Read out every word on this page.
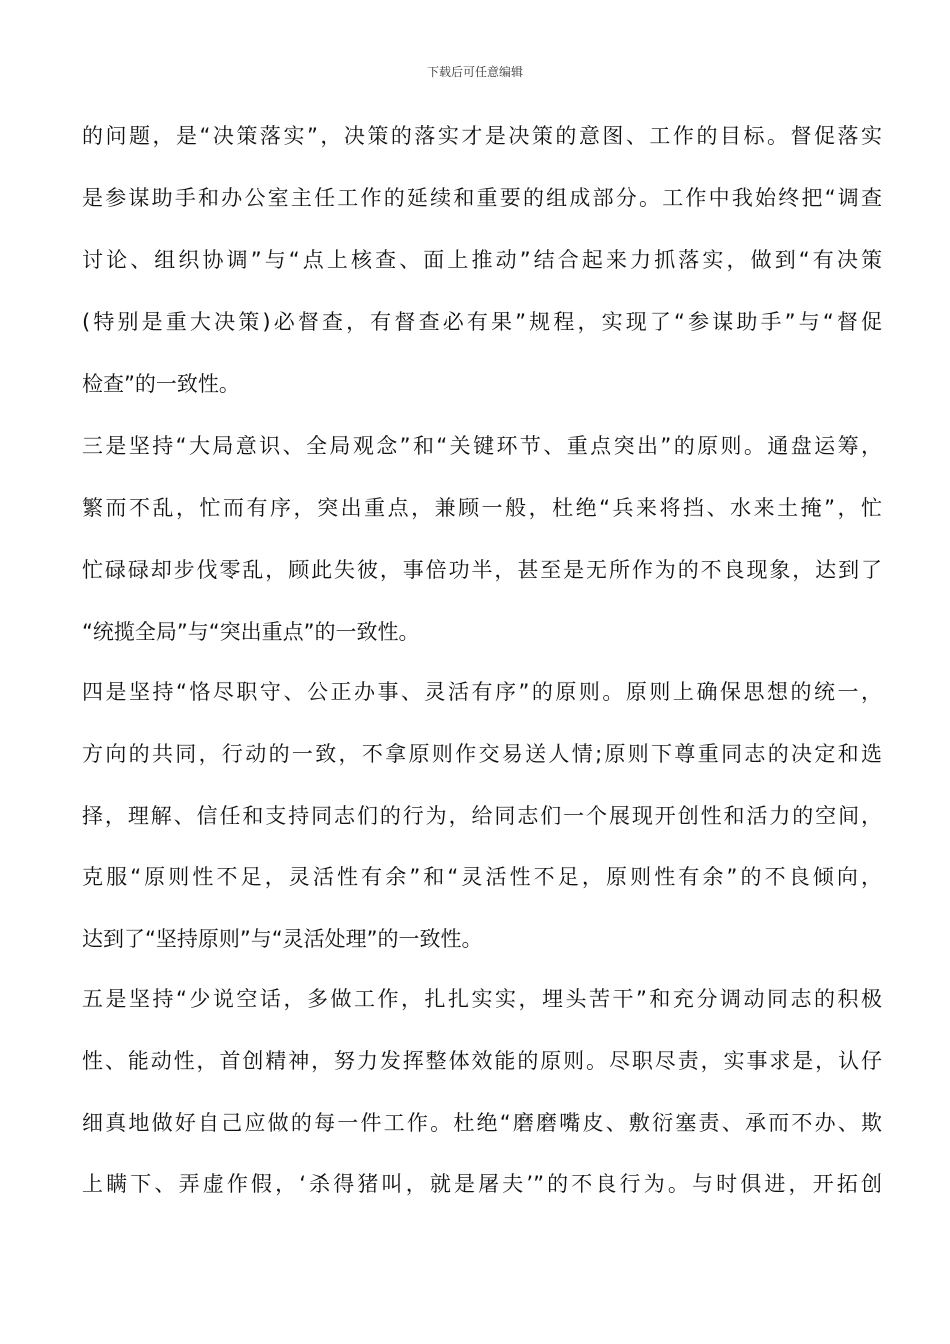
下载后可任意编辑
的问题，是“决策落实”，决策的落实才是决策的意图、工作的目标。督促落实
是参谋助手和办公室主任工作的延续和重要的组成部分。工作中我始终把“调查
讨论、组织协调”与“点上核查、面上推动”结合起来力抓落实，做到“有决策
(特别是重大决策)必督查，有督查必有果”规程，实现了“参谋助手”与“督促
检查”的一致性。
三是坚持“大局意识、全局观念”和“关键环节、重点突出”的原则。通盘运筹，
繁而不乱，忙而有序，突出重点，兼顾一般，杜绝“兵来将挡、水来土掩”，忙
忙碌碌却步伐零乱，顾此失彼，事倍功半，甚至是无所作为的不良现象，达到了
“统揽全局”与“突出重点”的一致性。
四是坚持“恪尽职守、公正办事、灵活有序”的原则。原则上确保思想的统一，
方向的共同，行动的一致，不拿原则作交易送人情;原则下尊重同志的决定和选
择，理解、信任和支持同志们的行为，给同志们一个展现开创性和活力的空间，
克服“原则性不足，灵活性有余”和“灵活性不足，原则性有余”的不良倾向，
达到了“坚持原则”与“灵活处理”的一致性。
五是坚持“少说空话，多做工作，扎扎实实，埋头苦干”和充分调动同志的积极
性、能动性，首创精神，努力发挥整体效能的原则。尽职尽责，实事求是，认仔
细真地做好自己应做的每一件工作。杜绝“磨磨嘴皮、敷衍塞责、承而不办、欺
上瞒下、弄虚作假，‘杀得猪叫，就是屠夫’”的不良行为。与时俱进，开拓创
